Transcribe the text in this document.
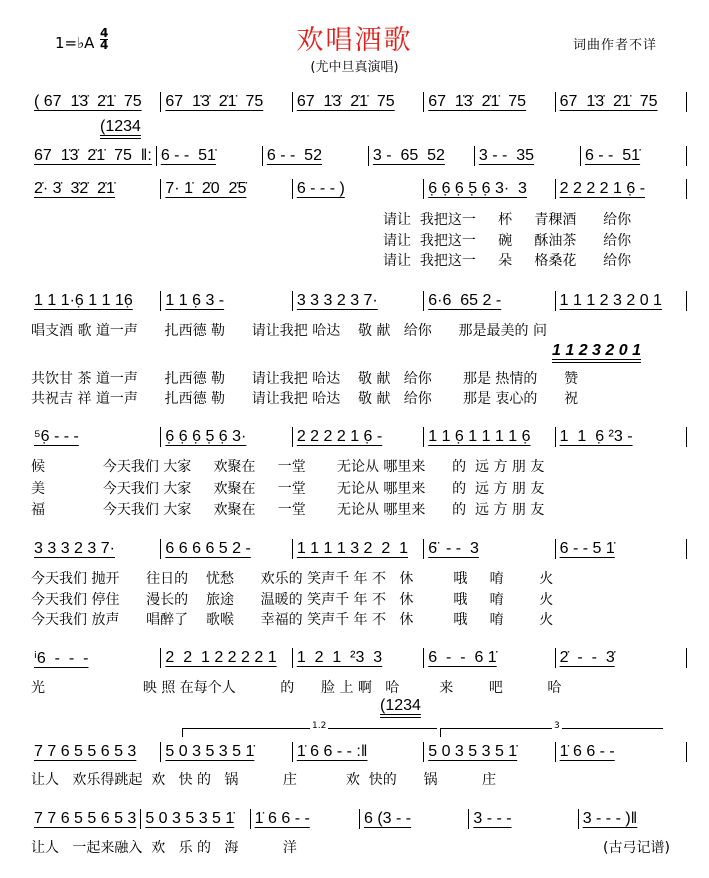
欢唱酒歌
(尤中旦真演唱)
1=♭A
4
4	词曲作者不详
(1234
1 1 2 3 2 0 1
(1234
1.2	3
请让  我把这一     杯     青稞酒      给你
请让  我把这一     碗     酥油茶      给你
请让  我把这一     朵     格桑花      给你
唱支酒 歌 道一声      扎西德 勒      请让我把 哈达    敬 献   给你      那是最美的 问
共饮甘 茶 道一声      扎西德 勒      请让我把 哈达    敬 献   给你       那是 热情的      赞
共祝吉 祥 道一声      扎西德 勒      请让我把 哈达    敬 献   给你       那是 衷心的      祝
候             今天我们 大家     欢聚在     一堂       无论从 哪里来      的  远 方 朋 友
美             今天我们 大家     欢聚在     一堂       无论从 哪里来      的  远 方 朋 友
福             今天我们 大家     欢聚在     一堂       无论从 哪里来      的  远 方 朋 友
今天我们 抛开      往日的    忧愁      欢乐的 笑声千 年 不   休         哦     唷        火
今天我们 停住      漫长的    旅途      温暖的 笑声千 年 不   休         哦     唷        火
今天我们 放声      唱醉了    歌喉      幸福的 笑声千 年 不   休         哦     唷        火
光                      映 照 在每个人          的      脸 上 啊   哈         来        吧          哈
让人   欢乐得跳起  欢   快 的   锅          庄           欢  快的      锅          庄
让人   一起来融入  欢   乐 的   海          洋	(古弓记谱)
( 67  1̇3̇  2̇1̇  75	67  1̇3̇  2̇1̇  75	67  1̇3̇  2̇1̇  75	67  1̇3̇  2̇1̇  75	67  1̇3̇  2̇1̇  75
67  1̇3̇  2̇1̇  75  ‖: 6 - -  51̇	6 - -  52	3 -  65  52	3 - -  35	6 - -  51̇
2̇· 3̇  3̇2̇  2̇1̇	7· 1̇  2̇0  2̇5̇	6 - - - )	6̣ 6̣ 6̣ 5̣ 6̣ 3·  3	2 2 2 2 1 6̣ -
1 1 1·6̣ 1 1 16̣	1 1 6̣ 3 -	3 3 3 2 3 7·	6·6  65 2 -	1 1 1 2 3 2 0 1
⁵6̣ - - -	6̣ 6̣ 6̣ 5̣ 6̣ 3·	2 2 2 2 1 6̣ -	1 1 6̣ 1 1 1 1 6̣	1  1  6̣ ²3 -
3 3 3 2 3 7·	6 6 6 6 5 2 -	1 1 1 1 3 2  2  1	6̈  - -  3	6 - - 5 1̇
ⁱ6  -  -  -	2  2  1 2 2 2 2 1	1  2  1  ²3  3	6  -  -  6 1̇	2̇  -  -  3̇
7 7 6 5 5 6 5 3	5 0 3 5 3 5 1̇	1̇ 6 6 - - :‖	5 0 3 5 3 5 1̇	1̇ 6 6 - -
7 7 6 5 5 6 5 3 5 0 3 5 3 5 1̇	1̇ 6 6 - -	6 (3 - -	3 - - -	3 - - - )‖
